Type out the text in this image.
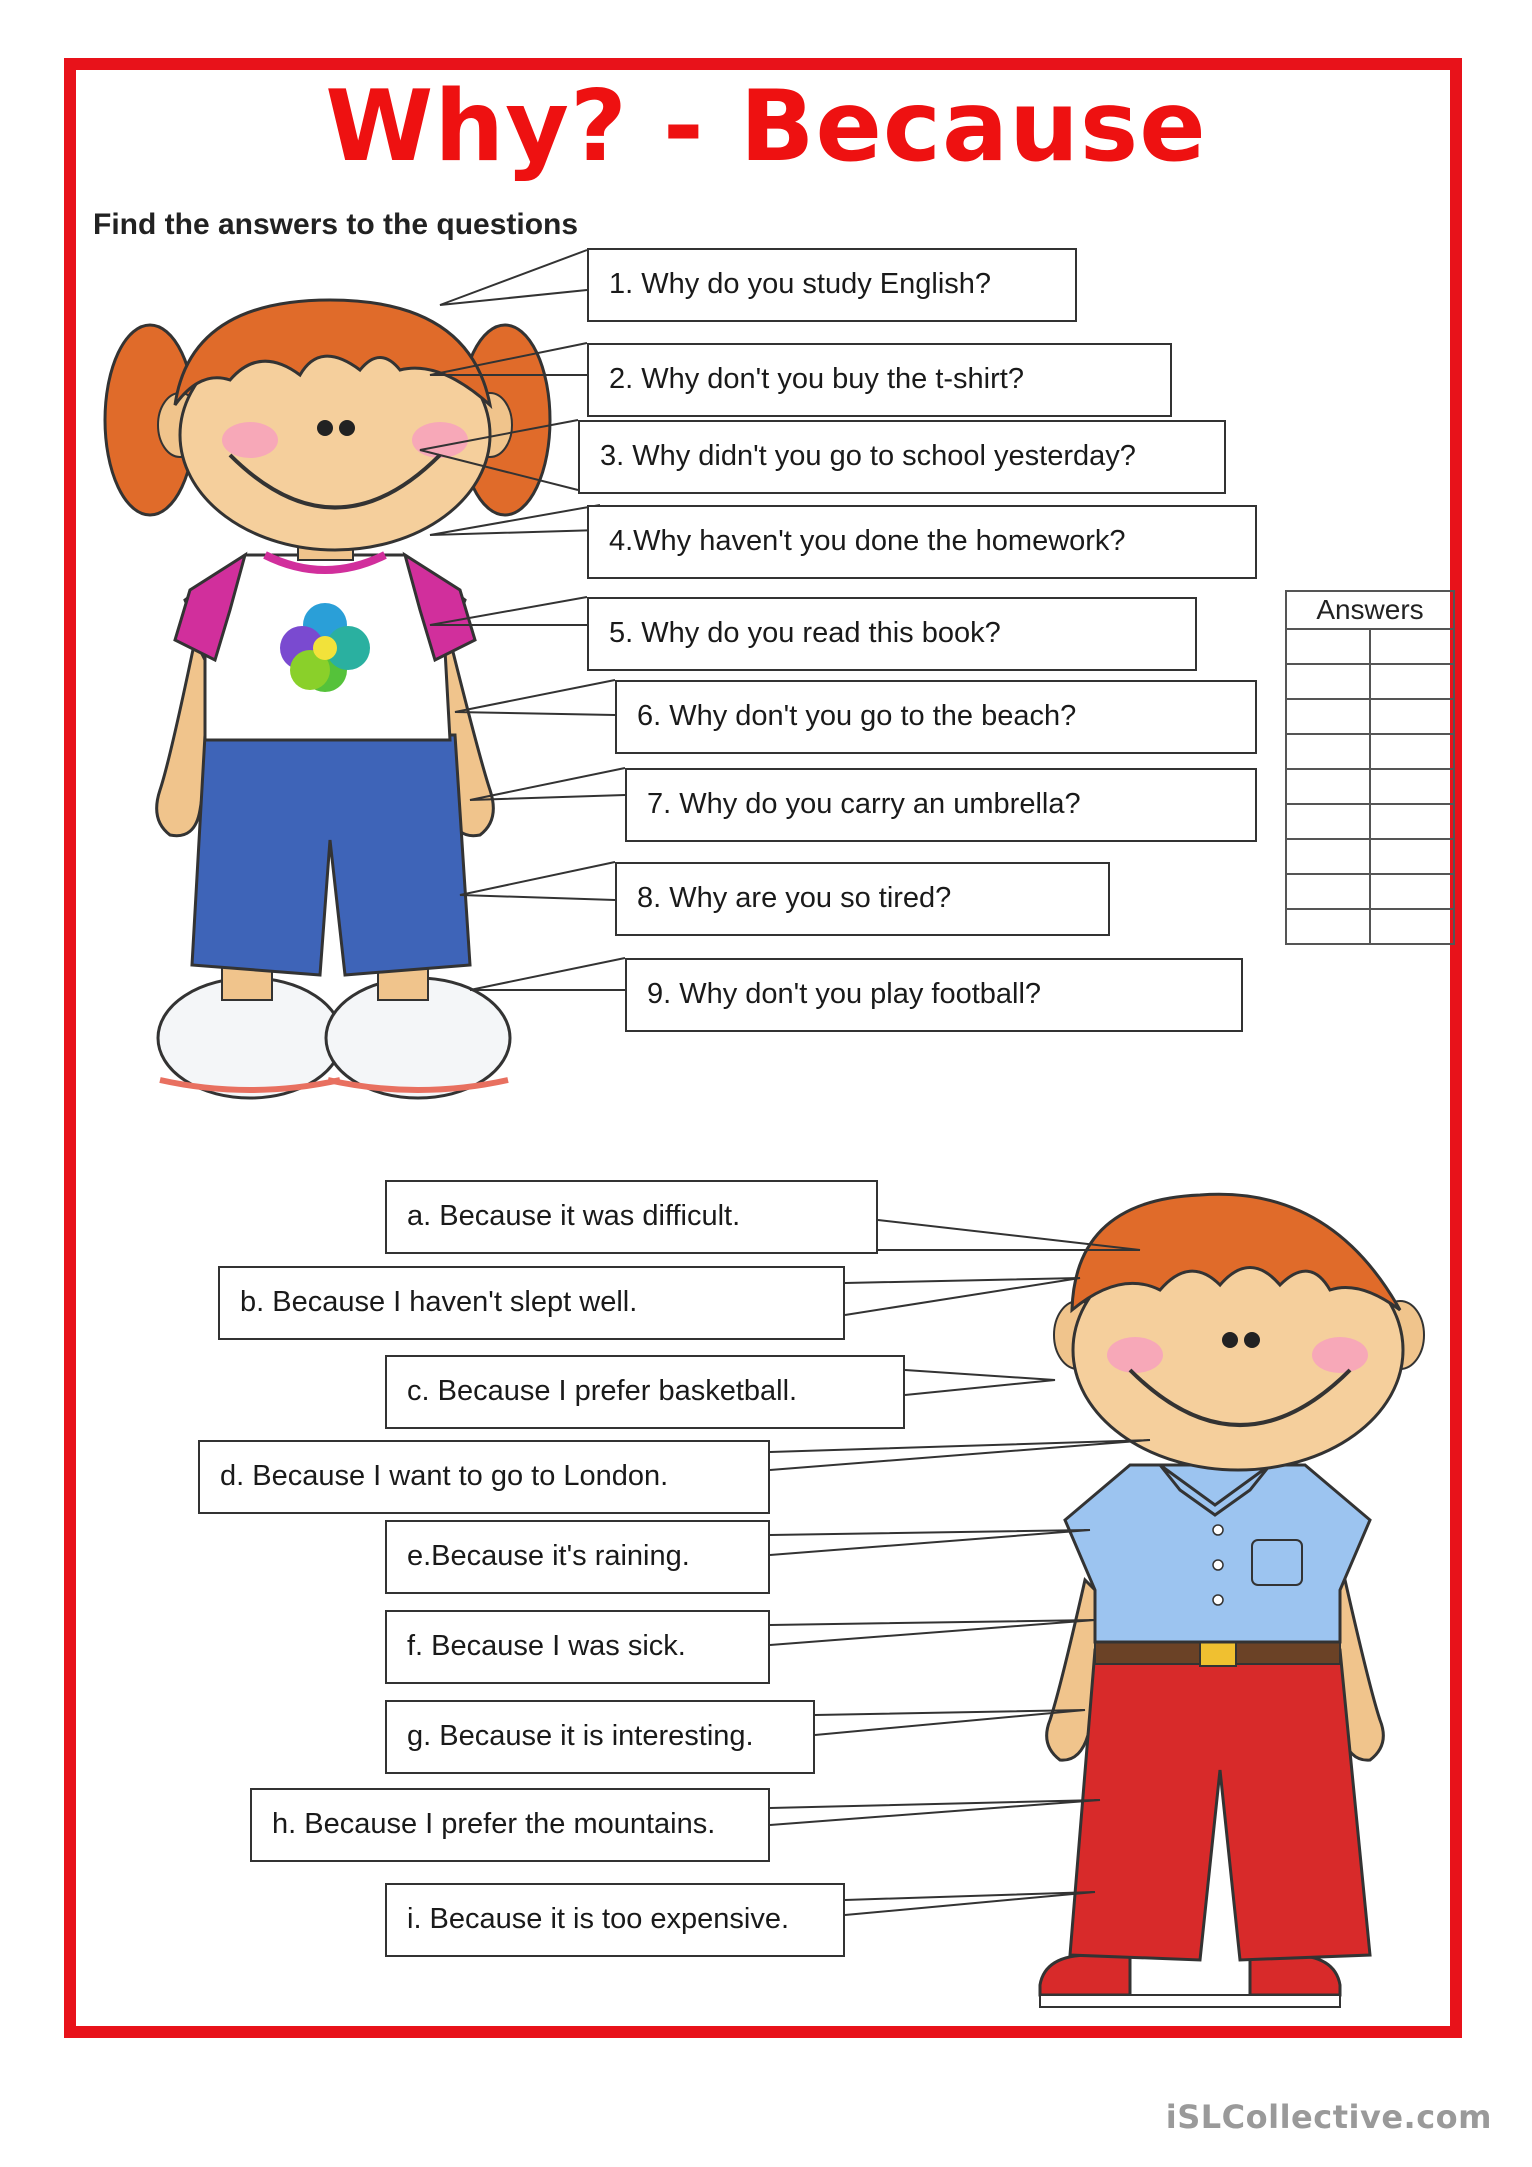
Why? - Because
Find the answers to the questions
1. Why do you study English?
2. Why don't you buy the t-shirt?
3. Why didn't you go to school yesterday?
4.Why haven't you done the homework?
5. Why do you read this book?
6. Why don't you go to the beach?
7. Why do you carry an umbrella?
8. Why are you so tired?
9. Why don't you play football?
Answers	

a. Because it was difficult.
b. Because I haven't slept well.
c. Because I prefer basketball.
d. Because I want to go to London.
e.Because it's raining.
f. Because I was sick.
g. Because it is interesting.
h. Because I prefer the mountains.
i. Because it is too expensive.
iSLCollective.com
